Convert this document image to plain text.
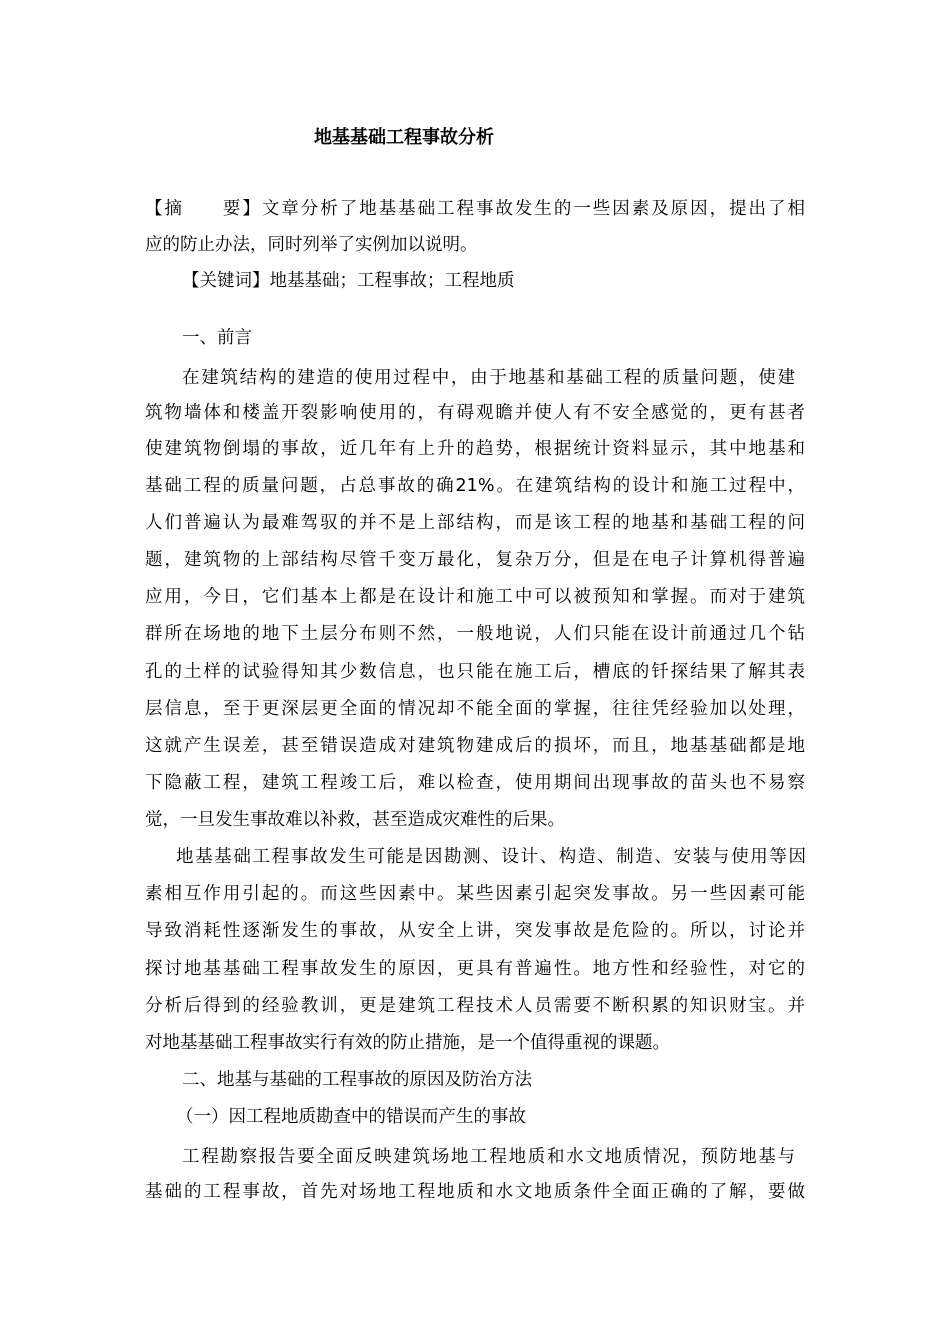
地基基础工程事故分析
【摘　　要】文章分析了地基基础工程事故发生的一些因素及原因，提出了相
应的防止办法，同时列举了实例加以说明。
【关键词】地基基础；工程事故；工程地质
一、前言
在建筑结构的建造的使用过程中，由于地基和基础工程的质量问题，使建
筑物墙体和楼盖开裂影响使用的，有碍观瞻并使人有不安全感觉的，更有甚者
使建筑物倒塌的事故，近几年有上升的趋势，根据统计资料显示，其中地基和
基础工程的质量问题，占总事故的确21%。在建筑结构的设计和施工过程中，
人们普遍认为最难驾驭的并不是上部结构，而是该工程的地基和基础工程的问
题，建筑物的上部结构尽管千变万最化，复杂万分，但是在电子计算机得普遍
应用，今日，它们基本上都是在设计和施工中可以被预知和掌握。而对于建筑
群所在场地的地下土层分布则不然，一般地说，人们只能在设计前通过几个钻
孔的土样的试验得知其少数信息，也只能在施工后，槽底的钎探结果了解其表
层信息，至于更深层更全面的情况却不能全面的掌握，往往凭经验加以处理，
这就产生误差，甚至错误造成对建筑物建成后的损坏，而且，地基基础都是地
下隐蔽工程，建筑工程竣工后，难以检查，使用期间出现事故的苗头也不易察
觉，一旦发生事故难以补救，甚至造成灾难性的后果。
地基基础工程事故发生可能是因勘测、设计、构造、制造、安装与使用等因
素相互作用引起的。而这些因素中。某些因素引起突发事故。另一些因素可能
导致消耗性逐渐发生的事故，从安全上讲，突发事故是危险的。所以，讨论并
探讨地基基础工程事故发生的原因，更具有普遍性。地方性和经验性，对它的
分析后得到的经验教训，更是建筑工程技术人员需要不断积累的知识财宝。并
对地基基础工程事故实行有效的防止措施，是一个值得重视的课题。
二、地基与基础的工程事故的原因及防治方法
（一）因工程地质勘查中的错误而产生的事故
工程勘察报告要全面反映建筑场地工程地质和水文地质情况，预防地基与
基础的工程事故，首先对场地工程地质和水文地质条件全面正确的了解，要做
